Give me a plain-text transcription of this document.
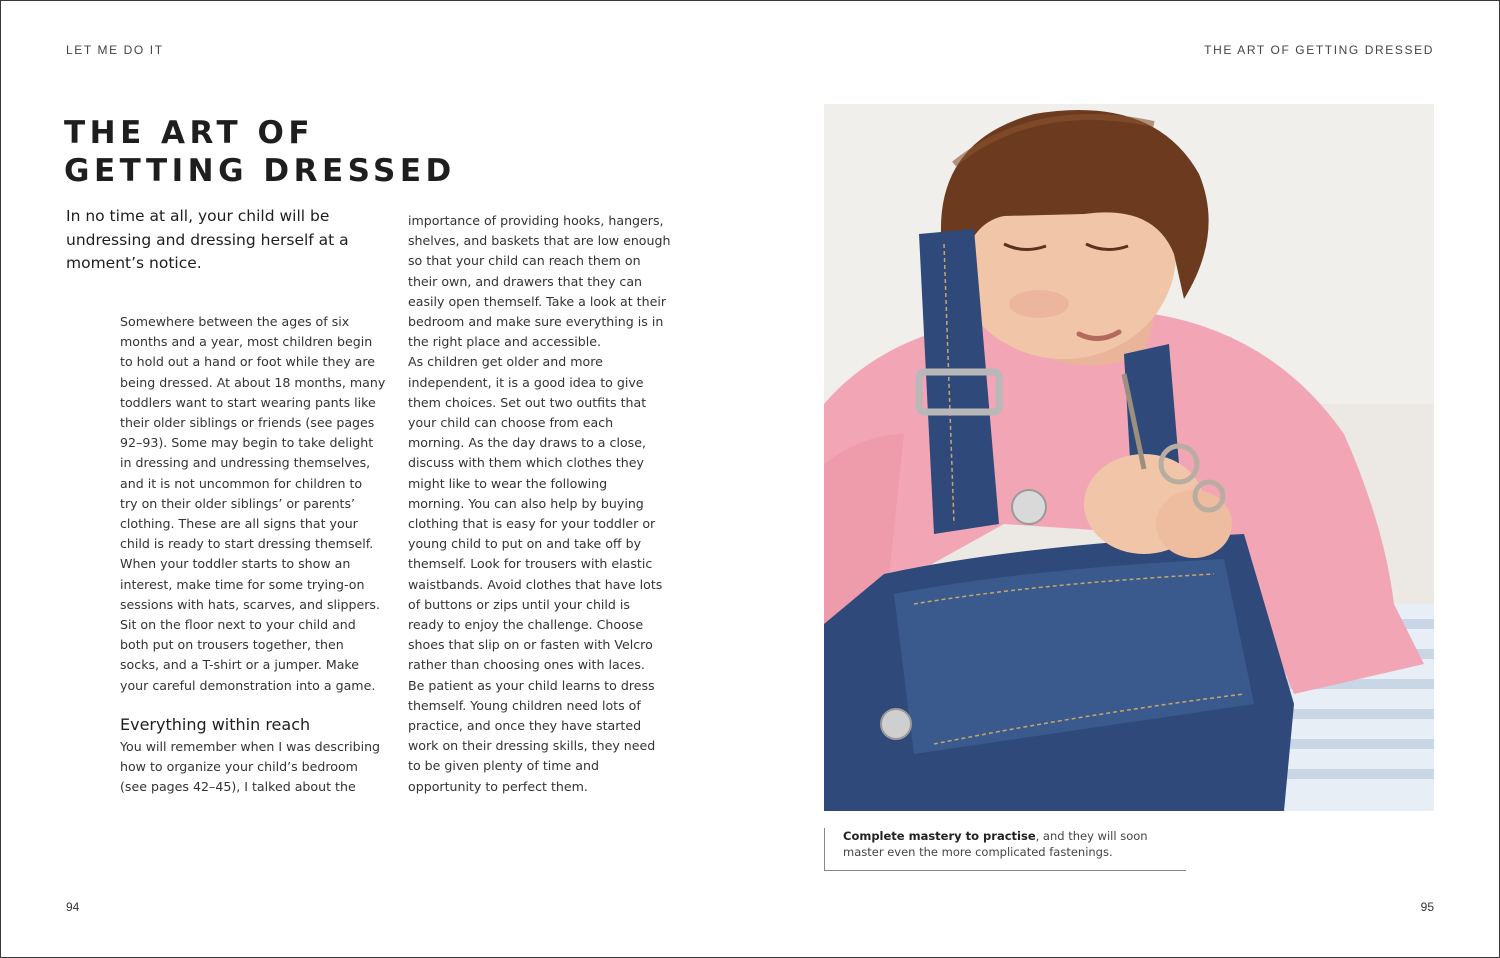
LET ME DO IT	THE ART OF GETTING DRESSED
THE ART OF
GETTING DRESSED

In no time at all, your child will be undressing and dressing herself at a moment’s notice.

Somewhere between the ages of six
months and a year, most children begin
to hold out a hand or foot while they are
being dressed. At about 18 months, many
toddlers want to start wearing pants like
their older siblings or friends (see pages
92–93). Some may begin to take delight
in dressing and undressing themselves,
and it is not uncommon for children to
try on their older siblings’ or parents’
clothing. These are all signs that your
child is ready to start dressing themself.
When your toddler starts to show an
interest, make time for some trying-on
sessions with hats, scarves, and slippers.
Sit on the floor next to your child and
both put on trousers together, then
socks, and a T-shirt or a jumper. Make
your careful demonstration into a game.

Everything within reach

You will remember when I was describing
how to organize your child’s bedroom
(see pages 42–45), I talked about the

importance of providing hooks, hangers,
shelves, and baskets that are low enough
so that your child can reach them on
their own, and drawers that they can
easily open themself. Take a look at their
bedroom and make sure everything is in
the right place and accessible.

As children get older and more
independent, it is a good idea to give
them choices. Set out two outfits that
your child can choose from each
morning. As the day draws to a close,
discuss with them which clothes they
might like to wear the following
morning. You can also help by buying
clothing that is easy for your toddler or
young child to put on and take off by
themself. Look for trousers with elastic
waistbands. Avoid clothes that have lots
of buttons or zips until your child is
ready to enjoy the challenge. Choose
shoes that slip on or fasten with Velcro
rather than choosing ones with laces.
Be patient as your child learns to dress
themself. Young children need lots of
practice, and once they have started
work on their dressing skills, they need
to be given plenty of time and
opportunity to perfect them.

Complete mastery to practise, and they will soon master even the more complicated fastenings.
94	95
